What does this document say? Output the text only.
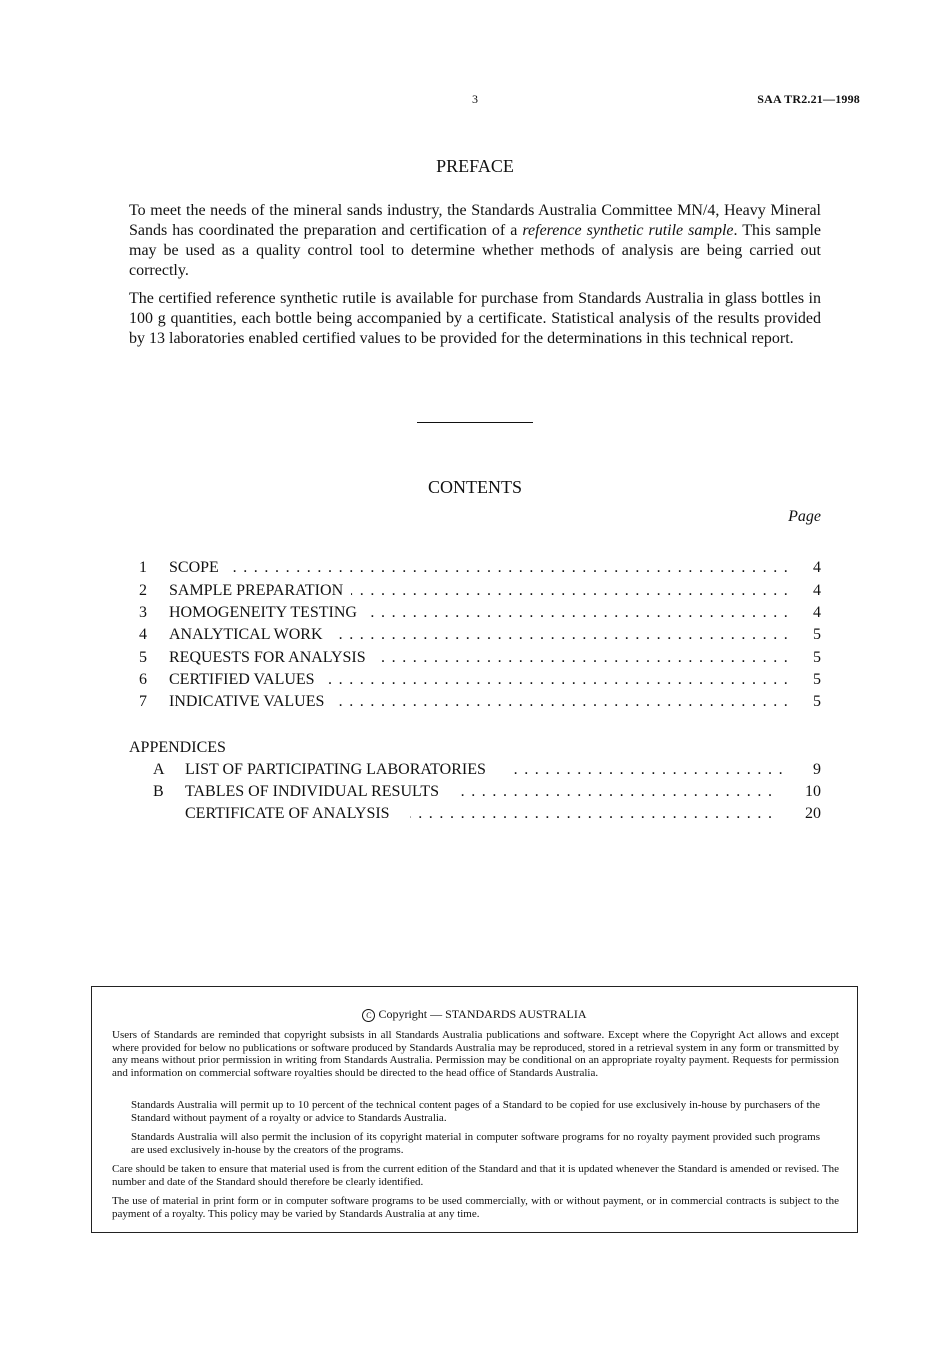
3	SAA TR2.21—1998
PREFACE

To meet the needs of the mineral sands industry, the Standards Australia Committee MN/4, Heavy Mineral Sands has coordinated the preparation and certification of a reference synthetic rutile sample. This sample may be used as a quality control tool to determine whether methods of analysis are being carried out correctly.

The certified reference synthetic rutile is available for purchase from Standards Australia in glass bottles in 100 g quantities, each bottle being accompanied by a certificate. Statistical analysis of the results provided by 13 laboratories enabled certified values to be provided for the determinations in this technical report.

CONTENTS
Page
1 . . . SCOPE	4
2 . . . SAMPLE PREPARATION	4
3 . . . HOMOGENEITY TESTING	4
4 . . . ANALYTICAL WORK	5
5 . . . REQUESTS FOR ANALYSIS	5
6 . . . CERTIFIED VALUES	5
7 . . . INDICATIVE VALUES	5
APPENDICES
A . . . LIST OF PARTICIPATING LABORATORIES	9
B . . . TABLES OF INDIVIDUAL RESULTS	10
. . .
CERTIFICATE OF ANALYSIS	20
C Copyright — STANDARDS AUSTRALIA

Users of Standards are reminded that copyright subsists in all Standards Australia publications and software. Except where the Copyright Act allows and except where provided for below no publications or software produced by Standards Australia may be reproduced, stored in a retrieval system in any form or transmitted by any means without prior permission in writing from Standards Australia. Permission may be conditional on an appropriate royalty payment. Requests for permission and information on commercial software royalties should be directed to the head office of Standards Australia.

Standards Australia will permit up to 10 percent of the technical content pages of a Standard to be copied for use exclusively in-house by purchasers of the Standard without payment of a royalty or advice to Standards Australia.

Standards Australia will also permit the inclusion of its copyright material in computer software programs for no royalty payment provided such programs are used exclusively in-house by the creators of the programs.

Care should be taken to ensure that material used is from the current edition of the Standard and that it is updated whenever the Standard is amended or revised. The number and date of the Standard should therefore be clearly identified.

The use of material in print form or in computer software programs to be used commercially, with or without payment, or in commercial contracts is subject to the payment of a royalty. This policy may be varied by Standards Australia at any time.
